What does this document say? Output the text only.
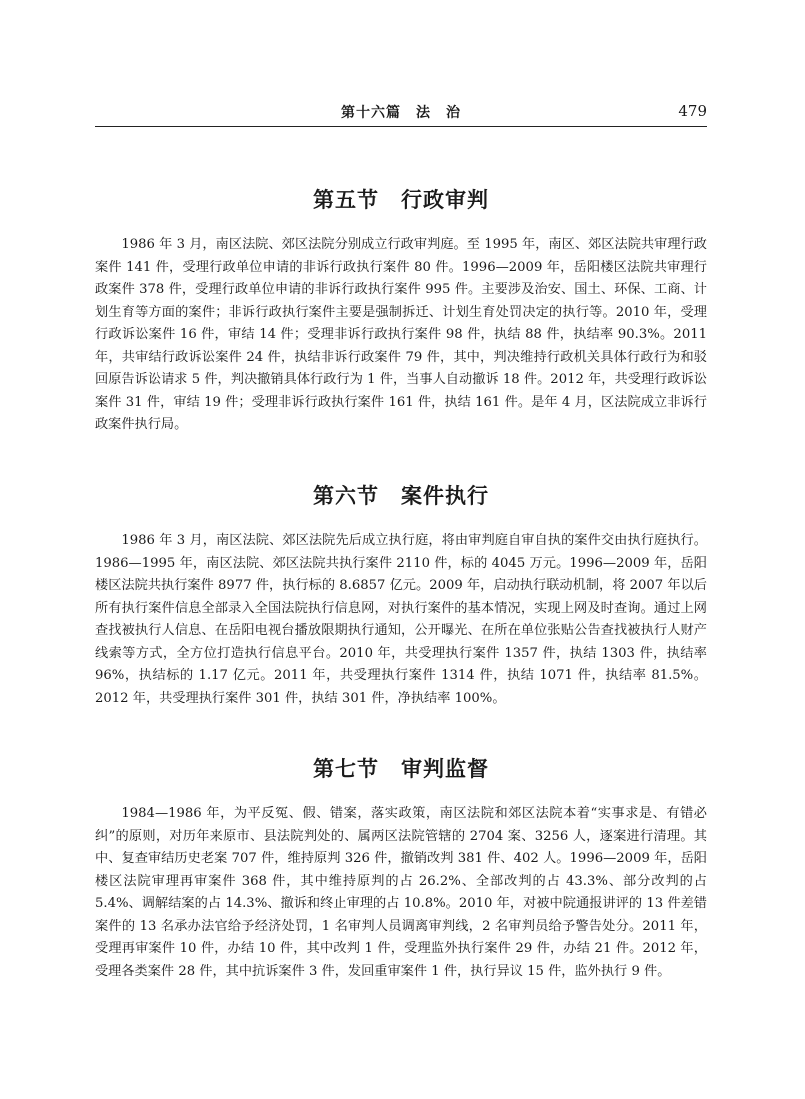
第十六篇　法　治	479
第五节　行政审判

1986 年 3 月，南区法院、郊区法院分别成立行政审判庭。至 1995 年，南区、郊区法院共审理行政案件 141 件，受理行政单位申请的非诉行政执行案件 80 件。1996—2009 年，岳阳楼区法院共审理行政案件 378 件，受理行政单位申请的非诉行政执行案件 995 件。主要涉及治安、国土、环保、工商、计划生育等方面的案件；非诉行政执行案件主要是强制拆迁、计划生育处罚决定的执行等。2010 年，受理行政诉讼案件 16 件，审结 14 件；受理非诉行政执行案件 98 件，执结 88 件，执结率 90.3%。2011 年，共审结行政诉讼案件 24 件，执结非诉行政案件 79 件，其中，判决维持行政机关具体行政行为和驳回原告诉讼请求 5 件，判决撤销具体行政行为 1 件，当事人自动撤诉 18 件。2012 年，共受理行政诉讼案件 31 件，审结 19 件；受理非诉行政执行案件 161 件，执结 161 件。是年 4 月，区法院成立非诉行政案件执行局。

第六节　案件执行

1986 年 3 月，南区法院、郊区法院先后成立执行庭，将由审判庭自审自执的案件交由执行庭执行。1986—1995 年，南区法院、郊区法院共执行案件 2110 件，标的 4045 万元。1996—2009 年，岳阳楼区法院共执行案件 8977 件，执行标的 8.6857 亿元。2009 年，启动执行联动机制，将 2007 年以后所有执行案件信息全部录入全国法院执行信息网，对执行案件的基本情况，实现上网及时查询。通过上网查找被执行人信息、在岳阳电视台播放限期执行通知，公开曝光、在所在单位张贴公告查找被执行人财产线索等方式，全方位打造执行信息平台。2010 年，共受理执行案件 1357 件，执结 1303 件，执结率 96%，执结标的 1.17 亿元。2011 年，共受理执行案件 1314 件，执结 1071 件，执结率 81.5%。2012 年，共受理执行案件 301 件，执结 301 件，净执结率 100%。

第七节　审判监督

1984—1986 年，为平反冤、假、错案，落实政策，南区法院和郊区法院本着“实事求是、有错必纠”的原则，对历年来原市、县法院判处的、属两区法院管辖的 2704 案、3256 人，逐案进行清理。其中、复查审结历史老案 707 件，维持原判 326 件，撤销改判 381 件、402 人。1996—2009 年，岳阳楼区法院审理再审案件 368 件，其中维持原判的占 26.2%、全部改判的占 43.3%、部分改判的占 5.4%、调解结案的占 14.3%、撤诉和终止审理的占 10.8%。2010 年，对被中院通报讲评的 13 件差错案件的 13 名承办法官给予经济处罚，1 名审判人员调离审判线，2 名审判员给予警告处分。2011 年，受理再审案件 10 件，办结 10 件，其中改判 1 件，受理监外执行案件 29 件，办结 21 件。2012 年，受理各类案件 28 件，其中抗诉案件 3 件，发回重审案件 1 件，执行异议 15 件，监外执行 9 件。
